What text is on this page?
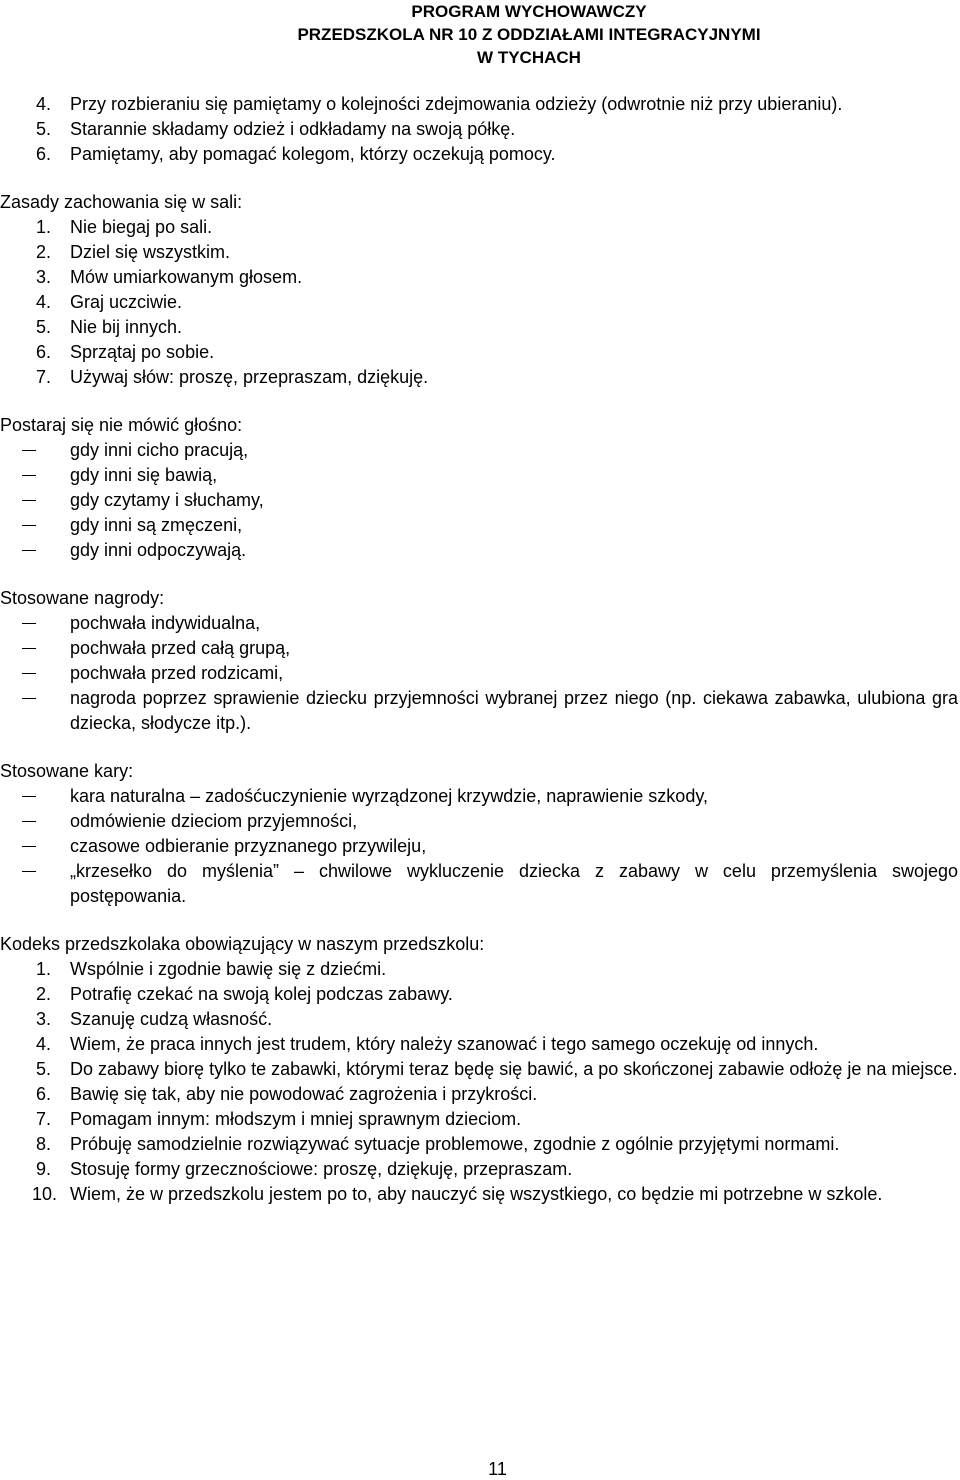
PROGRAM WYCHOWAWCZY
PRZEDSZKOLA NR 10 Z ODDZIAŁAMI INTEGRACYJNYMI
W TYCHACH
4. Przy rozbieraniu się pamiętamy o kolejności zdejmowania odzieży (odwrotnie niż przy ubieraniu).
5. Starannie składamy odzież i odkładamy na swoją półkę.
6. Pamiętamy, aby pomagać kolegom, którzy oczekują pomocy.

Zasady zachowania się w sali:

1. Nie biegaj po sali.
2. Dziel się wszystkim.
3. Mów umiarkowanym głosem.
4. Graj uczciwie.
5. Nie bij innych.
6. Sprzątaj po sobie.
7. Używaj słów: proszę, przepraszam, dziękuję.

Postaraj się nie mówić głośno:

gdy inni cicho pracują,
gdy inni się bawią,
gdy czytamy i słuchamy,
gdy inni są zmęczeni,
gdy inni odpoczywają.

Stosowane nagrody:

pochwała indywidualna,
pochwała przed całą grupą,
pochwała przed rodzicami,
nagroda poprzez sprawienie dziecku przyjemności wybranej przez niego (np. ciekawa zabawka, ulubiona gra dziecka, słodycze itp.).

Stosowane kary:

kara naturalna – zadośćuczynienie wyrządzonej krzywdzie, naprawienie szkody,
odmówienie dzieciom przyjemności,
czasowe odbieranie przyznanego przywileju,
„krzesełko do myślenia” – chwilowe wykluczenie dziecka z zabawy w celu przemyślenia swojego postępowania.

Kodeks przedszkolaka obowiązujący w naszym przedszkolu:

1. Wspólnie i zgodnie bawię się z dziećmi.
2. Potrafię czekać na swoją kolej podczas zabawy.
3. Szanuję cudzą własność.
4. Wiem, że praca innych jest trudem, który należy szanować i tego samego oczekuję od innych.
5. Do zabawy biorę tylko te zabawki, którymi teraz będę się bawić, a po skończonej zabawie odłożę je na miejsce.
6. Bawię się tak, aby nie powodować zagrożenia i przykrości.
7. Pomagam innym: młodszym i mniej sprawnym dzieciom.
8. Próbuję samodzielnie rozwiązywać sytuacje problemowe, zgodnie z ogólnie przyjętymi normami.
9. Stosuję formy grzecznościowe: proszę, dziękuję, przepraszam.
10. Wiem, że w przedszkolu jestem po to, aby nauczyć się wszystkiego, co będzie mi potrzebne w szkole.
11
